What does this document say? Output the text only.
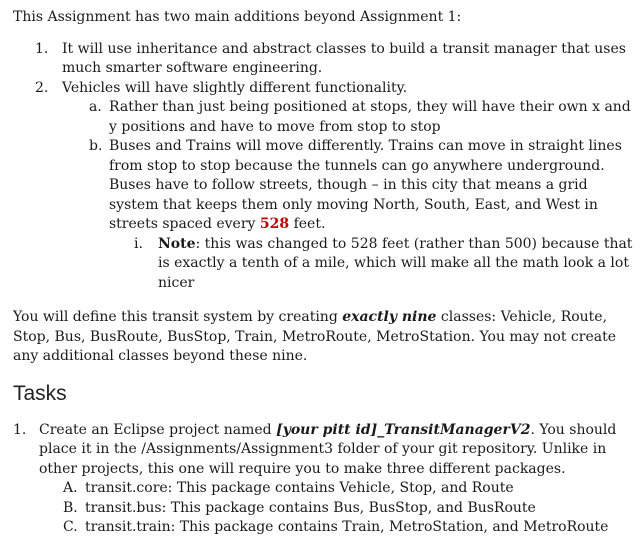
This Assignment has two main additions beyond Assignment 1:

1. It will use inheritance and abstract classes to build a transit manager that uses much smarter software engineering.
2. Vehicles will have slightly different functionality.
a. Rather than just being positioned at stops, they will have their own x and y positions and have to move from stop to stop
b. Buses and Trains will move differently. Trains can move in straight lines from stop to stop because the tunnels can go anywhere underground. Buses have to follow streets, though – in this city that means a grid system that keeps them only moving North, South, East, and West in streets spaced every 528 feet.
i. Note: this was changed to 528 feet (rather than 500) because that is exactly a tenth of a mile, which will make all the math look a lot nicer

You will define this transit system by creating exactly nine classes: Vehicle, Route, Stop, Bus, BusRoute, BusStop, Train, MetroRoute, MetroStation. You may not create any additional classes beyond these nine.

Tasks
1. Create an Eclipse project named [your pitt id]_TransitManagerV2. You should place it in the /Assignments/Assignment3 folder of your git repository. Unlike in other projects, this one will require you to make three different packages.
A. transit.core: This package contains Vehicle, Stop, and Route
B. transit.bus: This package contains Bus, BusStop, and BusRoute
C. transit.train: This package contains Train, MetroStation, and MetroRoute
